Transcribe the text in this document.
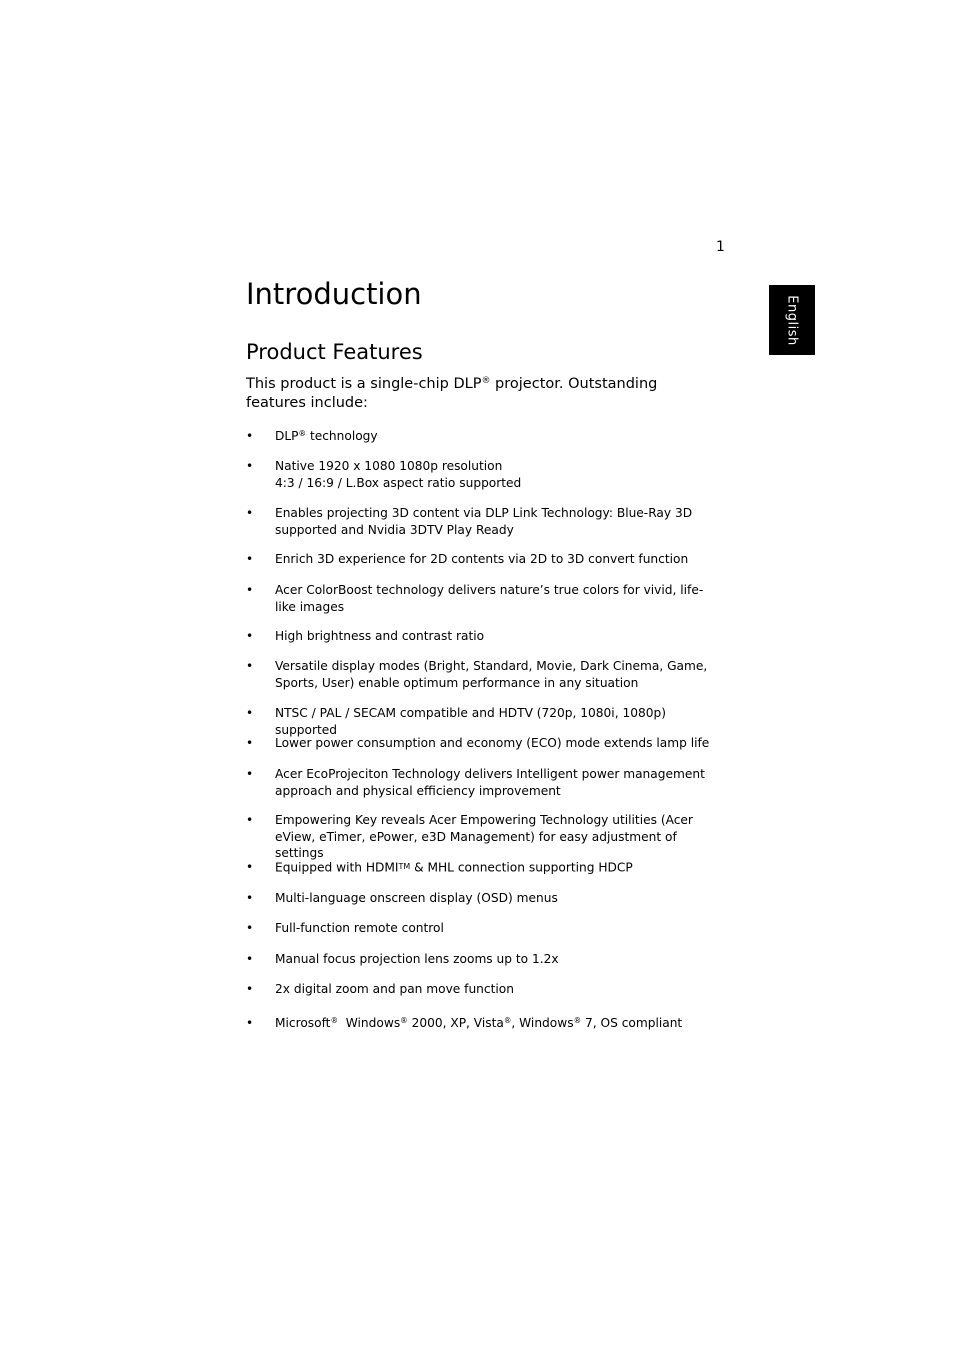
1
English
Introduction
Product Features

This product is a single-chip DLP® projector. Outstanding features include:

• DLP® technology
• Native 1920 x 1080 1080p resolution
4:3 / 16:9 / L.Box aspect ratio supported
• Enables projecting 3D content via DLP Link Technology: Blue-Ray 3D supported and Nvidia 3DTV Play Ready
• Enrich 3D experience for 2D contents via 2D to 3D convert function
• Acer ColorBoost technology delivers nature’s true colors for vivid, life-like images
• High brightness and contrast ratio
• Versatile display modes (Bright, Standard, Movie, Dark Cinema, Game, Sports, User) enable optimum performance in any situation
• NTSC / PAL / SECAM compatible and HDTV (720p, 1080i, 1080p) supported
• Lower power consumption and economy (ECO) mode extends lamp life
• Acer EcoProjeciton Technology delivers Intelligent power management approach and physical efficiency improvement
• Empowering Key reveals Acer Empowering Technology utilities (Acer eView, eTimer, ePower, e3D Management) for easy adjustment of settings
• Equipped with HDMITM & MHL connection supporting HDCP
• Multi-language onscreen display (OSD) menus
• Full-function remote control
• Manual focus projection lens zooms up to 1.2x
• 2x digital zoom and pan move function
• Microsoft® Windows® 2000, XP, Vista®, Windows® 7, OS compliant
